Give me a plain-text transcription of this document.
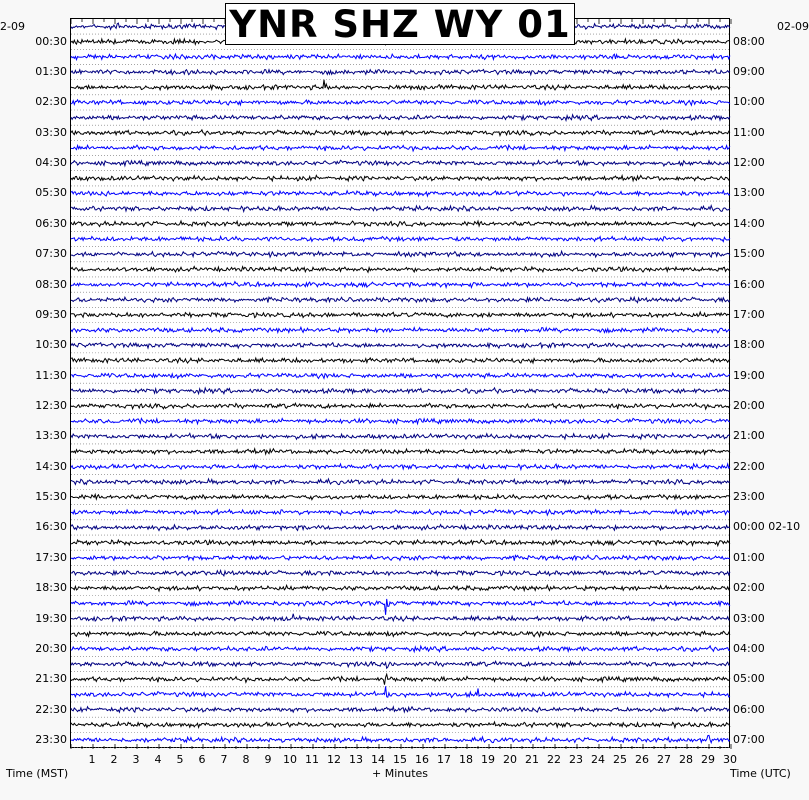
YNR SHZ WY 01
2-09	02-09
00:30
01:30
02:30
03:30
04:30
05:30
06:30
07:30
08:30
09:30
10:30
11:30
12:30
13:30
14:30
15:30
16:30
17:30
18:30
19:30
20:30
21:30
22:30
23:30
08:00
09:00
10:00
11:00
12:00
13:00
14:00
15:00
16:00
17:00
18:00
19:00
20:00
21:00
22:00
23:00
00:00 02-10
01:00
02:00
03:00
04:00
05:00
06:00
07:00
1	2	3	4	5	6	7	8	9	10 11 12 13 14 15 16 17 18 19 20 21 22 23 24 25 26 27 28 29 30
Time (MST)	+ Minutes	Time (UTC)
